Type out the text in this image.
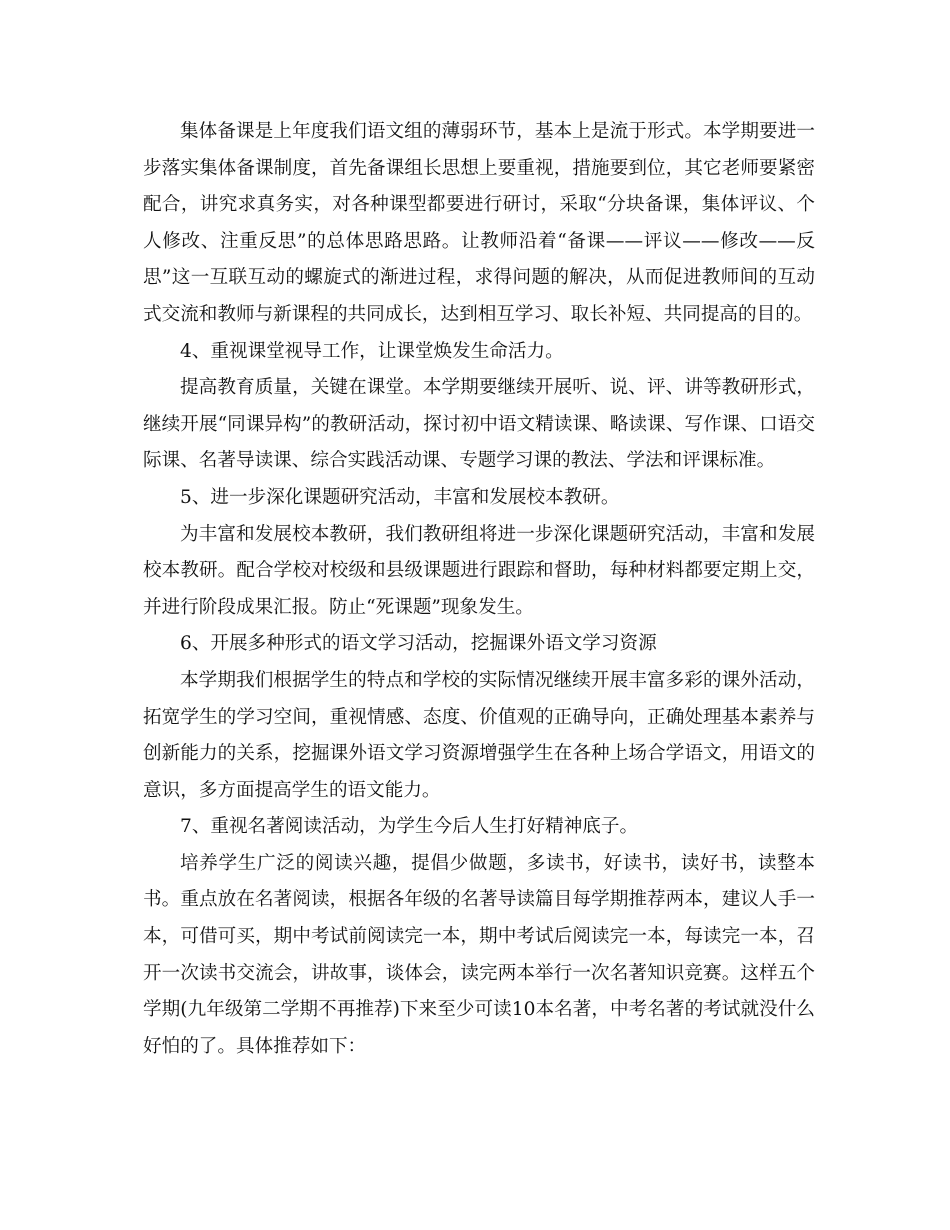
集体备课是上年度我们语文组的薄弱环节，基本上是流于形式。本学期要进一步落实集体备课制度，首先备课组长思想上要重视，措施要到位，其它老师要紧密配合，讲究求真务实，对各种课型都要进行研讨，采取“分块备课，集体评议、个人修改、注重反思”的总体思路思路。让教师沿着“备课——评议——修改——反思”这一互联互动的螺旋式的渐进过程，求得问题的解决，从而促进教师间的互动式交流和教师与新课程的共同成长，达到相互学习、取长补短、共同提高的目的。

4、重视课堂视导工作，让课堂焕发生命活力。

提高教育质量，关键在课堂。本学期要继续开展听、说、评、讲等教研形式，继续开展“同课异构”的教研活动，探讨初中语文精读课、略读课、写作课、口语交际课、名著导读课、综合实践活动课、专题学习课的教法、学法和评课标准。

5、进一步深化课题研究活动，丰富和发展校本教研。

为丰富和发展校本教研，我们教研组将进一步深化课题研究活动，丰富和发展校本教研。配合学校对校级和县级课题进行跟踪和督助，每种材料都要定期上交，并进行阶段成果汇报。防止“死课题”现象发生。

6、开展多种形式的语文学习活动，挖掘课外语文学习资源

本学期我们根据学生的特点和学校的实际情况继续开展丰富多彩的课外活动，拓宽学生的学习空间，重视情感、态度、价值观的正确导向，正确处理基本素养与创新能力的关系，挖掘课外语文学习资源增强学生在各种上场合学语文，用语文的意识，多方面提高学生的语文能力。

7、重视名著阅读活动，为学生今后人生打好精神底子。

培养学生广泛的阅读兴趣，提倡少做题，多读书，好读书，读好书，读整本书。重点放在名著阅读，根据各年级的名著导读篇目每学期推荐两本，建议人手一本，可借可买，期中考试前阅读完一本，期中考试后阅读完一本，每读完一本，召开一次读书交流会，讲故事，谈体会，读完两本举行一次名著知识竞赛。这样五个学期(九年级第二学期不再推荐)下来至少可读10本名著，中考名著的考试就没什么好怕的了。具体推荐如下：
